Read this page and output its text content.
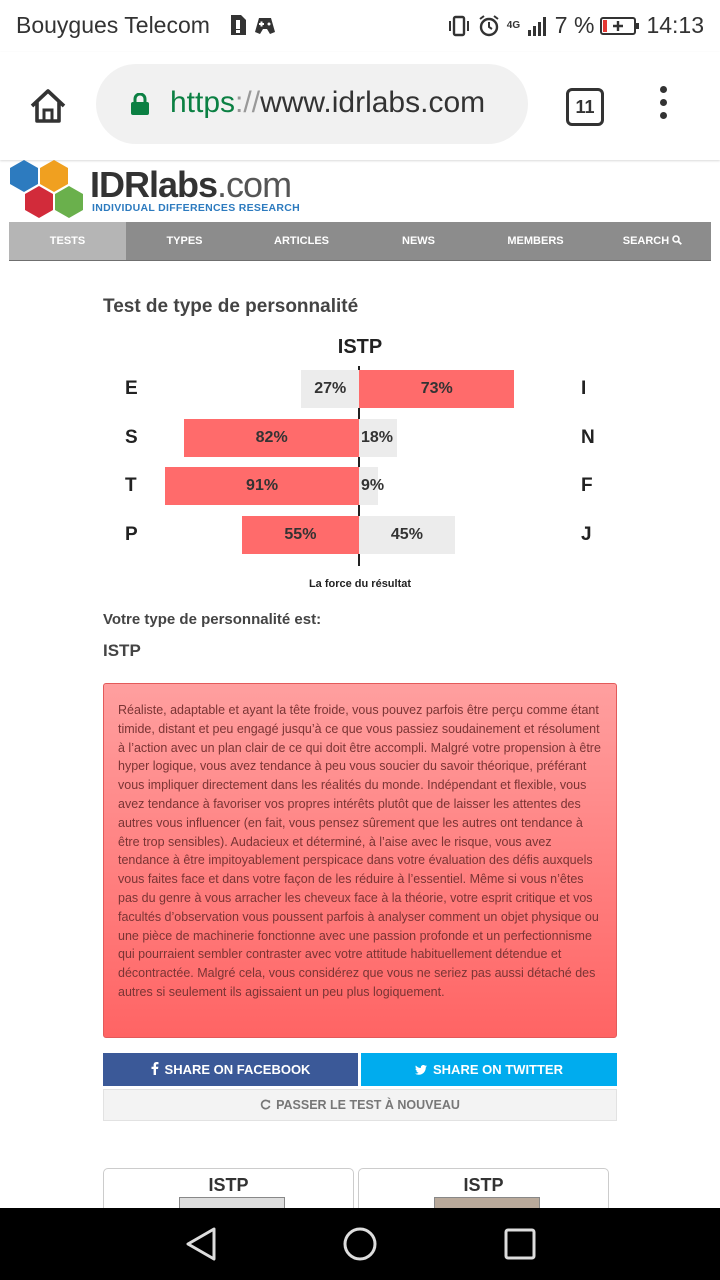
Bouygues Telecom	4G 7 % 14:13
https://www.idrlabs.com	11
IDRlabs.com
INDIVIDUAL DIFFERENCES RESEARCH
TESTS	TYPES	ARTICLES	NEWS	MEMBERS	SEARCH
Test de type de personnalité
ISTP
La force du résultat
27%	73%
E	I
82%	18%
S	N
91%	9%
T	F
55%	45%
P	J
Votre type de personnalité est:
ISTP
Réaliste, adaptable et ayant la tête froide, vous pouvez parfois être perçu comme étant timide, distant et peu engagé jusqu’à ce que vous passiez soudainement et résolument à l’action avec un plan clair de ce qui doit être accompli. Malgré votre propension à être hyper logique, vous avez tendance à peu vous soucier du savoir théorique, préférant vous impliquer directement dans les réalités du monde. Indépendant et flexible, vous avez tendance à favoriser vos propres intérêts plutôt que de laisser les attentes des autres vous influencer (en fait, vous pensez sûrement que les autres ont tendance à être trop sensibles). Audacieux et déterminé, à l’aise avec le risque, vous avez tendance à être impitoyablement perspicace dans votre évaluation des défis auxquels vous faites face et dans votre façon de les réduire à l’essentiel. Même si vous n’êtes pas du genre à vous arracher les cheveux face à la théorie, votre esprit critique et vos facultés d’observation vous poussent parfois à analyser comment un objet physique ou une pièce de machinerie fonctionne avec une passion profonde et un perfectionnisme qui pourraient sembler contraster avec votre attitude habituellement détendue et décontractée. Malgré cela, vous considérez que vous ne seriez pas aussi détaché des autres si seulement ils agissaient un peu plus logiquement.
SHARE ON FACEBOOK	SHARE ON TWITTER
PASSER LE TEST À NOUVEAU
ISTP	ISTP
